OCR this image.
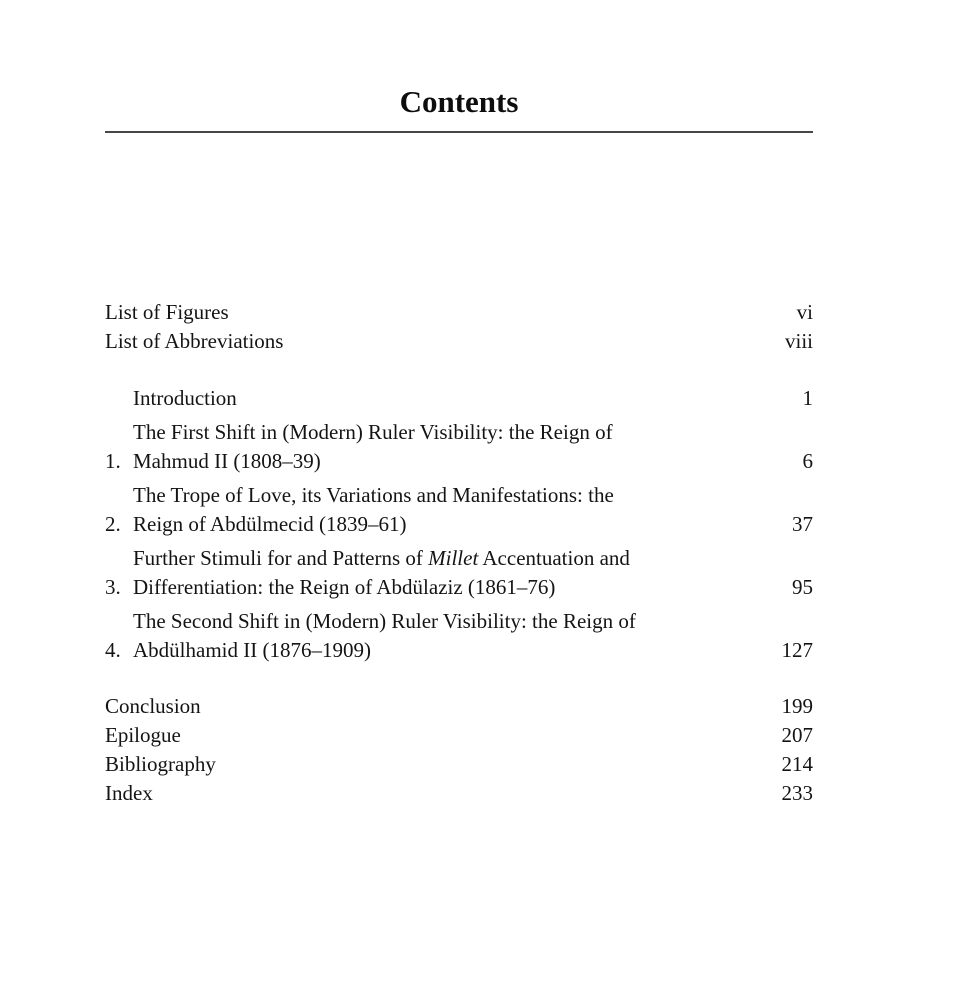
Contents
List of Figures	vi
List of Abbreviations	viii
Introduction	1
1.
The First Shift in (Modern) Ruler Visibility: the Reign of
Mahmud II (1808–39)	6
2.
The Trope of Love, its Variations and Manifestations: the
Reign of Abdülmecid (1839–61)	37
3.
Further Stimuli for and Patterns of Millet Accentuation and
Differentiation: the Reign of Abdülaziz (1861–76)	95
4.
The Second Shift in (Modern) Ruler Visibility: the Reign of
Abdülhamid II (1876–1909)	127
Conclusion	199
Epilogue	207
Bibliography	214
Index	233
